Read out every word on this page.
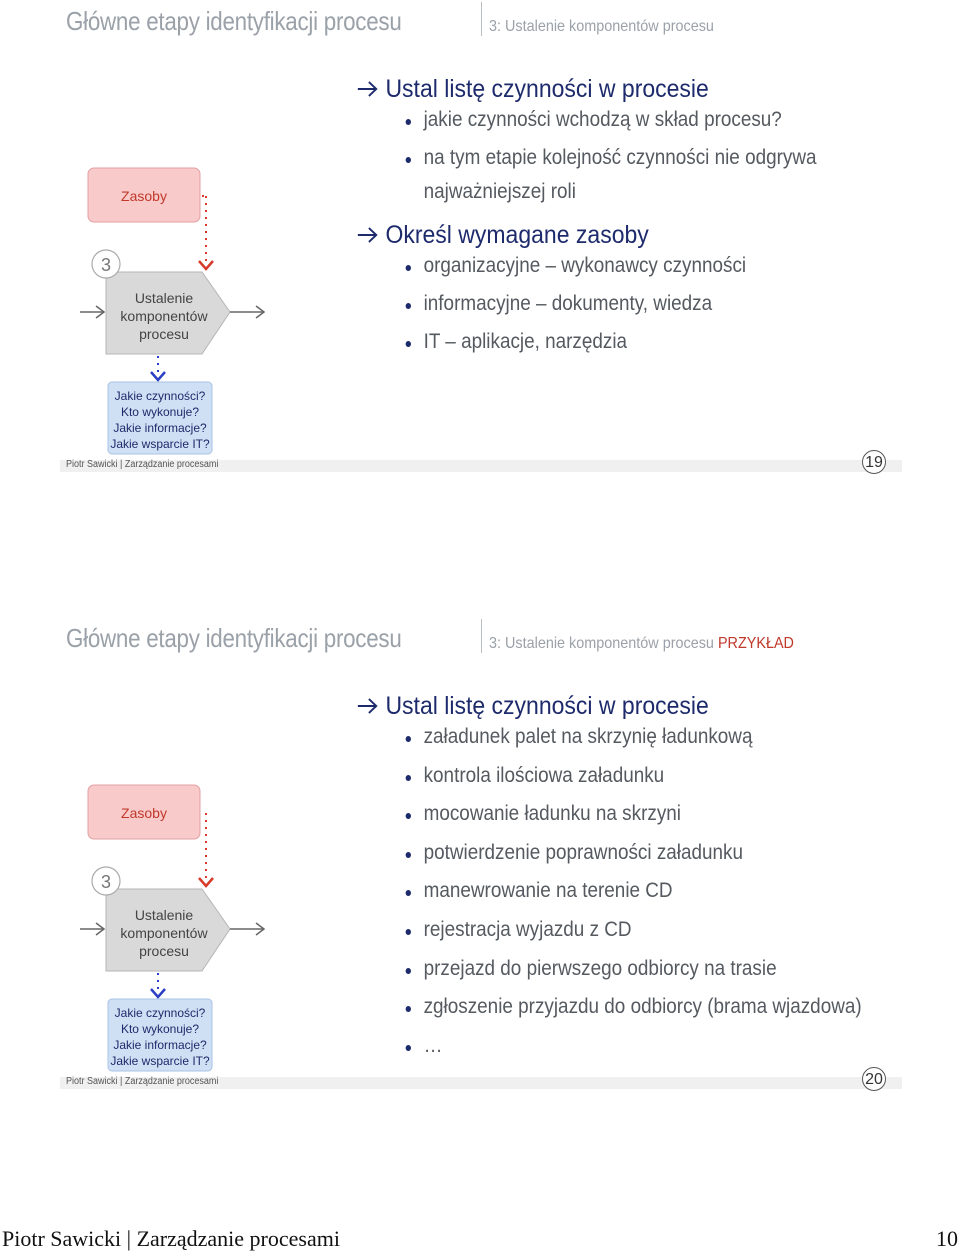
Główne etapy identyfikacji procesu	3: Ustalenie komponentów procesu
Zasoby
3
Ustalenie
komponentów
procesu
Jakie czynności?
Kto wykonuje?
Jakie informacje?
Jakie wsparcie IT?
Ustal listę czynności w procesie
jakie czynności wchodzą w skład procesu?
na tym etapie kolejność czynności nie odgrywa
najważniejszej roli
Określ wymagane zasoby
organizacyjne – wykonawcy czynności
informacyjne – dokumenty, wiedza
IT – aplikacje, narzędzia
Piotr Sawicki | Zarządzanie procesami	19
Główne etapy identyfikacji procesu	3: Ustalenie komponentów procesu PRZYKŁAD
Zasoby
3
Ustalenie
komponentów
procesu
Jakie czynności?
Kto wykonuje?
Jakie informacje?
Jakie wsparcie IT?
Ustal listę czynności w procesie
załadunek palet na skrzynię ładunkową
kontrola ilościowa załadunku
mocowanie ładunku na skrzyni
potwierdzenie poprawności załadunku
manewrowanie na terenie CD
rejestracja wyjazdu z CD
przejazd do pierwszego odbiorcy na trasie
zgłoszenie przyjazdu do odbiorcy (brama wjazdowa)
…
Piotr Sawicki | Zarządzanie procesami	20
Piotr Sawicki | Zarządzanie procesami	10
